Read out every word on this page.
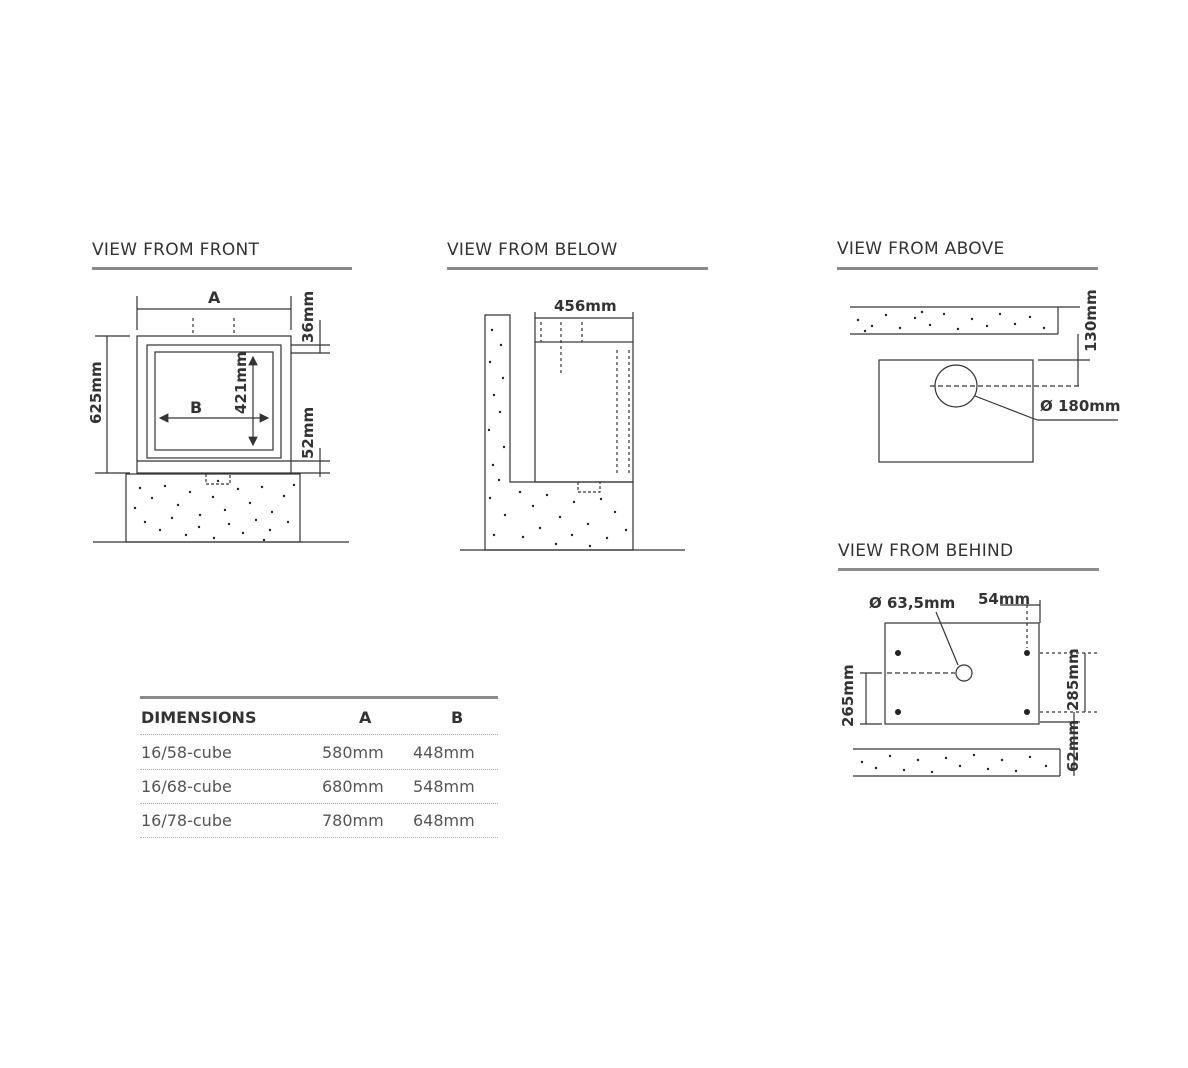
VIEW FROM FRONT	VIEW FROM BELOW	VIEW FROM ABOVE
VIEW FROM BEHIND
A
B
625mm	421mm
36mm
52mm
456mm	130mm
Ø 180mm
Ø 63,5mm 54mm
265mm	285mm
62mm
DIMENSIONS	A	B
16/58-cube	580mm 448mm
16/68-cube	680mm 548mm
16/78-cube	780mm 648mm
